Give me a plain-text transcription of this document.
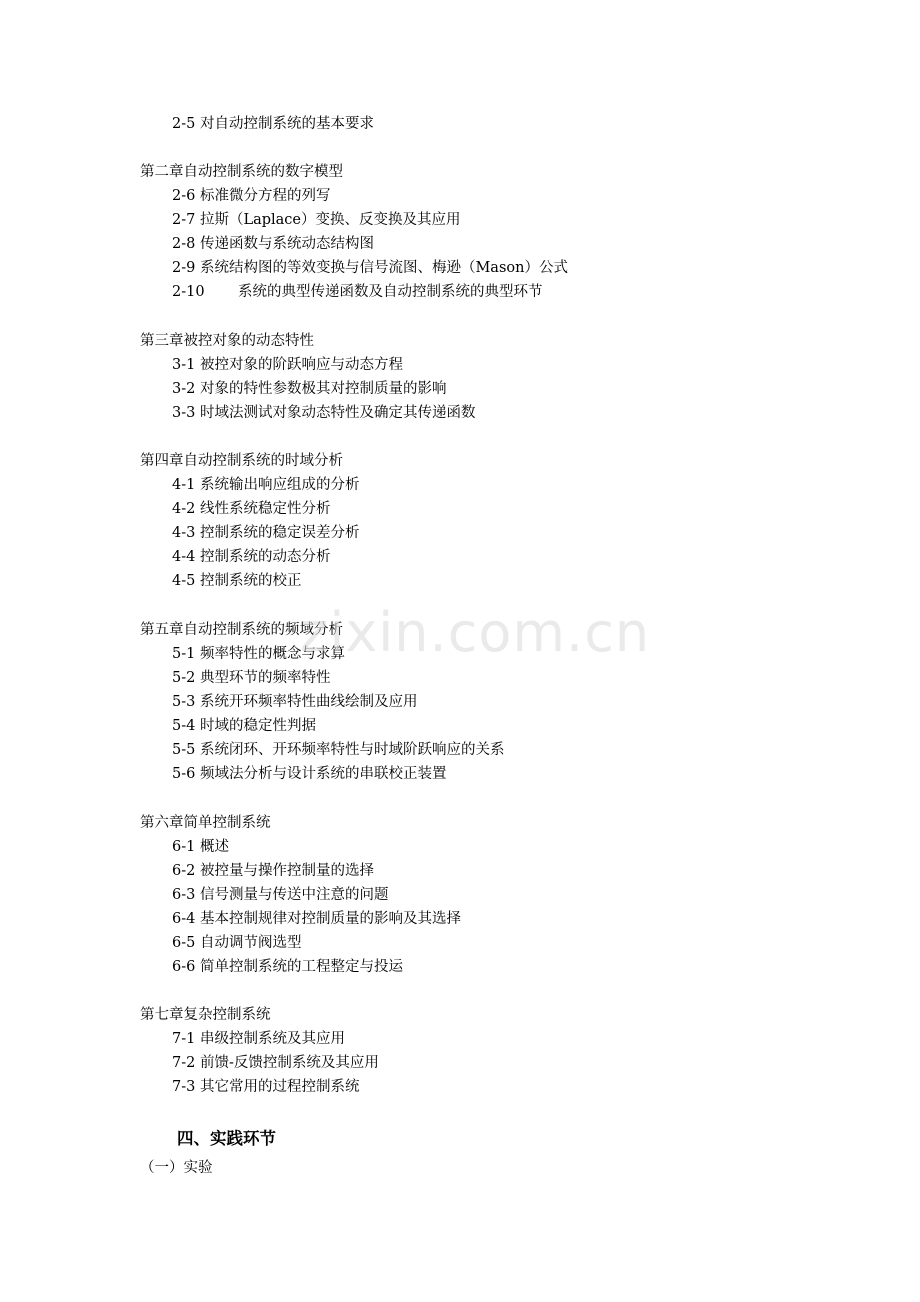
2-5 对自动控制系统的基本要求
第二章自动控制系统的数字模型
2-6 标准微分方程的列写
2-7 拉斯（Laplace）变换、反变换及其应用
2-8 传递函数与系统动态结构图
2-9 系统结构图的等效变换与信号流图、梅逊（Mason）公式
2-10 系统的典型传递函数及自动控制系统的典型环节
第三章被控对象的动态特性
3-1 被控对象的阶跃响应与动态方程
3-2 对象的特性参数极其对控制质量的影响
3-3 时域法测试对象动态特性及确定其传递函数
第四章自动控制系统的时域分析
4-1 系统输出响应组成的分析
4-2 线性系统稳定性分析
4-3 控制系统的稳定误差分析
4-4 控制系统的动态分析
4-5 控制系统的校正
第五章自动控制系统的频域分析
5-1 频率特性的概念与求算
5-2 典型环节的频率特性
5-3 系统开环频率特性曲线绘制及应用
5-4 时域的稳定性判据
5-5 系统闭环、开环频率特性与时域阶跃响应的关系
5-6 频域法分析与设计系统的串联校正装置
第六章简单控制系统
6-1 概述
6-2 被控量与操作控制量的选择
6-3 信号测量与传送中注意的问题
6-4 基本控制规律对控制质量的影响及其选择
6-5 自动调节阀选型
6-6 简单控制系统的工程整定与投运
第七章复杂控制系统
7-1 串级控制系统及其应用
7-2 前馈-反馈控制系统及其应用
7-3 其它常用的过程控制系统
四、实践环节
（一）实验
zixin.com.cn
